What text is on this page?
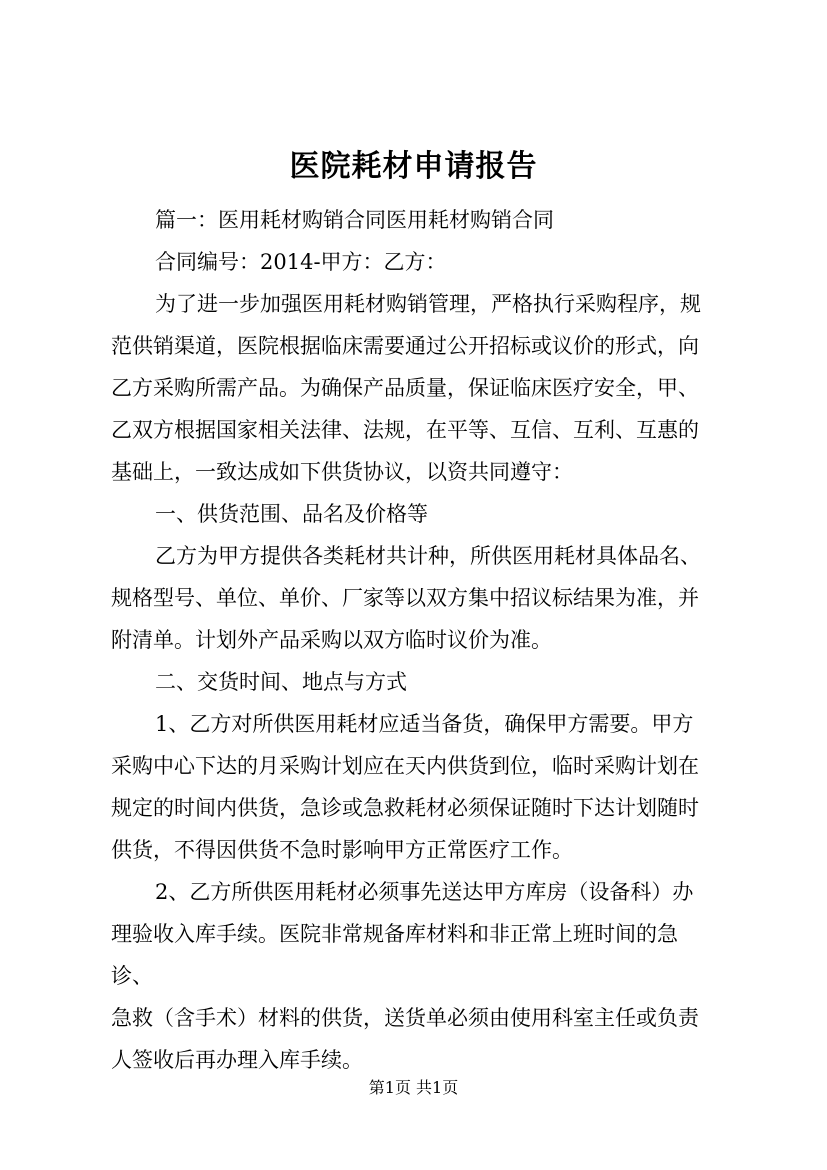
医院耗材申请报告

篇一：医用耗材购销合同医用耗材购销合同

合同编号：2014-甲方：乙方：

为了进一步加强医用耗材购销管理，严格执行采购程序，规

范供销渠道，医院根据临床需要通过公开招标或议价的形式，向

乙方采购所需产品。为确保产品质量，保证临床医疗安全，甲、

乙双方根据国家相关法律、法规，在平等、互信、互利、互惠的

基础上，一致达成如下供货协议，以资共同遵守：

一、供货范围、品名及价格等

乙方为甲方提供各类耗材共计种，所供医用耗材具体品名、

规格型号、单位、单价、厂家等以双方集中招议标结果为准，并

附清单。计划外产品采购以双方临时议价为准。

二、交货时间、地点与方式

1、乙方对所供医用耗材应适当备货，确保甲方需要。甲方

采购中心下达的月采购计划应在天内供货到位，临时采购计划在

规定的时间内供货，急诊或急救耗材必须保证随时下达计划随时

供货，不得因供货不急时影响甲方正常医疗工作。

2、乙方所供医用耗材必须事先送达甲方库房（设备科）办

理验收入库手续。医院非常规备库材料和非正常上班时间的急诊、

急救（含手术）材料的供货，送货单必须由使用科室主任或负责

人签收后再办理入库手续。

第1页 共1页
